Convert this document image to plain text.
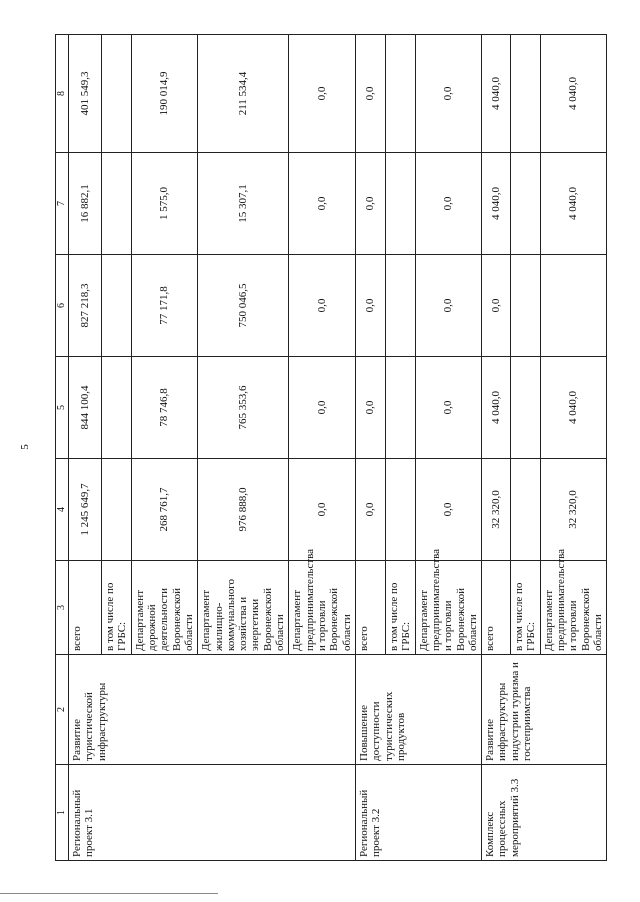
5
1	2	3	4	5	6	7	8
Региональный проект 3.1	Развитие туристической инфраструктуры	всего	1 245 649,7	844 100,4	827 218,3	16 882,1	401 549,3
		в том числе по ГРБС:					
		Департамент дорожной деятельности Воронежской области	268 761,7	78 746,8	77 171,8	1 575,0	190 014,9
		Департамент жилищно-коммунального хозяйства и энергетики Воронежской области	976 888,0	765 353,6	750 046,5	15 307,1	211 534,4
		Департамент предпринимательства и торговли Воронежской области	0,0	0,0	0,0	0,0	0,0
Региональный проект 3.2	Повышение доступности туристических продуктов	всего	0,0	0,0	0,0	0,0	0,0
		в том числе по ГРБС:					
		Департамент предпринимательства и торговли Воронежской области	0,0	0,0	0,0	0,0	0,0
Комплекс процессных мероприятий 3.3	Развитие инфраструктуры индустрии туризма и гостеприимства	всего	32 320,0	4 040,0	0,0	4 040,0	4 040,0
		в том числе по ГРБС:					
		Департамент предпринимательства и торговли Воронежской области	32 320,0	4 040,0		4 040,0	4 040,0
